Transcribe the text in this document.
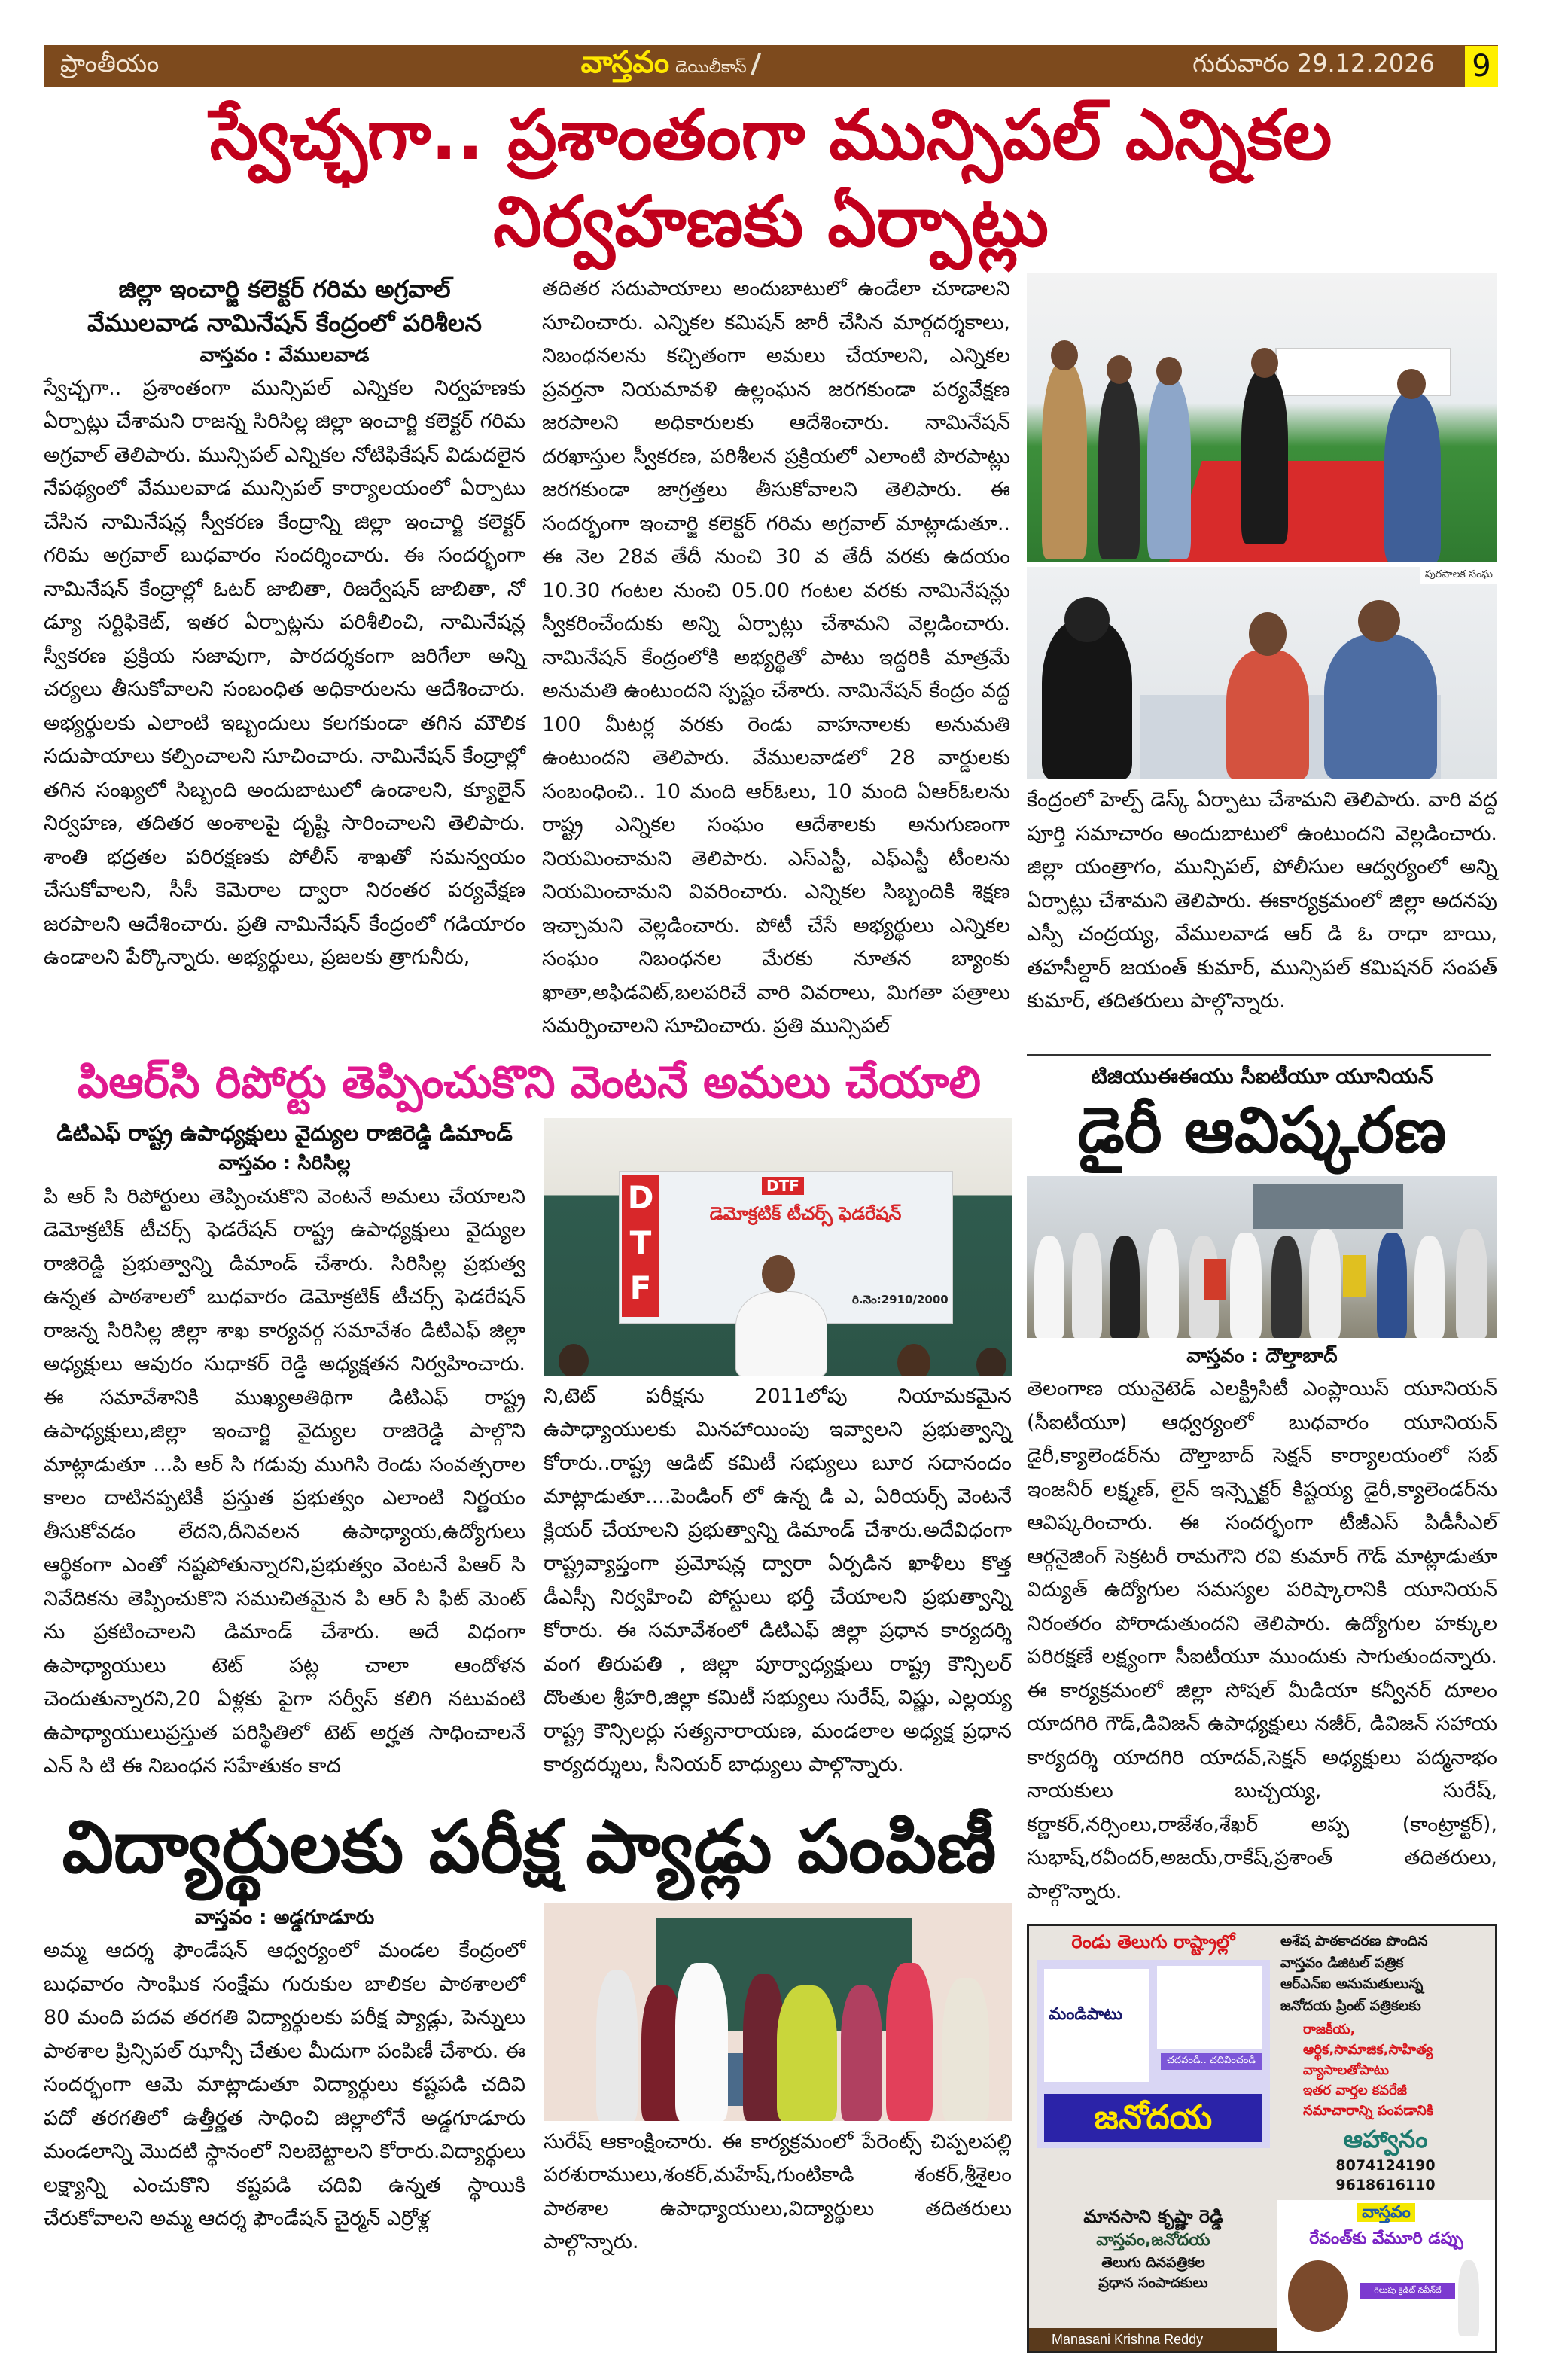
ప్రాంతీయం	వాస్తవం డెయిలీకాస్	గురువారం 29.12.2026	9
స్వేచ్ఛగా.. ప్రశాంతంగా మున్సిపల్ ఎన్నికల నిర్వహణకు ఏర్పాట్లు
జిల్లా ఇంచార్జి కలెక్టర్ గరిమ అగ్రవాల్
వేములవాడ నామినేషన్ కేంద్రంలో పరిశీలన
వాస్తవం : వేములవాడ
స్వేచ్ఛగా.. ప్రశాంతంగా మున్సిపల్ ఎన్నికల నిర్వహణకు ఏర్పాట్లు చేశామని రాజన్న సిరిసిల్ల జిల్లా ఇంచార్జి కలెక్టర్ గరిమ అగ్రవాల్ తెలిపారు. మున్సిపల్ ఎన్నికల నోటిఫికేషన్ విడుదలైన నేపథ్యంలో వేములవాడ మున్సిపల్ కార్యాలయంలో ఏర్పాటు చేసిన నామినేషన్ల స్వీకరణ కేంద్రాన్ని జిల్లా ఇంచార్జి కలెక్టర్ గరిమ అగ్రవాల్ బుధవారం సందర్శించారు. ఈ సందర్భంగా నామినేషన్ కేంద్రాల్లో ఓటర్ జాబితా, రిజర్వేషన్ జాబితా, నో డ్యూ సర్టిఫికెట్, ఇతర ఏర్పాట్లను పరిశీలించి, నామినేషన్ల స్వీకరణ ప్రక్రియ సజావుగా, పారదర్శకంగా జరిగేలా అన్ని చర్యలు తీసుకోవాలని సంబంధిత అధికారులను ఆదేశించారు. అభ్యర్థులకు ఎలాంటి ఇబ్బందులు కలగకుండా తగిన మౌలిక సదుపాయాలు కల్పించాలని సూచించారు. నామినేషన్ కేంద్రాల్లో తగిన సంఖ్యలో సిబ్బంది అందుబాటులో ఉండాలని, క్యూలైన్ నిర్వహణ, తదితర అంశాలపై దృష్టి సారించాలని తెలిపారు. శాంతి భద్రతల పరిరక్షణకు పోలీస్ శాఖతో సమన్వయం చేసుకోవాలని, సీసీ కెమెరాల ద్వారా నిరంతర పర్యవేక్షణ జరపాలని ఆదేశించారు. ప్రతి నామినేషన్ కేంద్రంలో గడియారం ఉండాలని పేర్కొన్నారు. అభ్యర్థులు, ప్రజలకు త్రాగునీరు,
తదితర సదుపాయాలు అందుబాటులో ఉండేలా చూడాలని సూచించారు. ఎన్నికల కమిషన్ జారీ చేసిన మార్గదర్శకాలు, నిబంధనలను కచ్చితంగా అమలు చేయాలని, ఎన్నికల ప్రవర్తనా నియమావళి ఉల్లంఘన జరగకుండా పర్యవేక్షణ జరపాలని అధికారులకు ఆదేశించారు. నామినేషన్ దరఖాస్తుల స్వీకరణ, పరిశీలన ప్రక్రియలో ఎలాంటి పొరపాట్లు జరగకుండా జాగ్రత్తలు తీసుకోవాలని తెలిపారు. ఈ సందర్భంగా ఇంచార్జి కలెక్టర్ గరిమ అగ్రవాల్ మాట్లాడుతూ.. ఈ నెల 28వ తేదీ నుంచి 30 వ తేదీ వరకు ఉదయం 10.30 గంటల నుంచి 05.00 గంటల వరకు నామినేషన్లు స్వీకరించేందుకు అన్ని ఏర్పాట్లు చేశామని వెల్లడించారు. నామినేషన్ కేంద్రంలోకి అభ్యర్థితో పాటు ఇద్దరికి మాత్రమే అనుమతి ఉంటుందని స్పష్టం చేశారు. నామినేషన్ కేంద్రం వద్ద 100 మీటర్ల వరకు రెండు వాహనాలకు అనుమతి ఉంటుందని తెలిపారు. వేములవాడలో 28 వార్డులకు సంబంధించి.. 10 మంది ఆర్‌ఓలు, 10 మంది ఏఆర్‌ఓలను రాష్ట్ర ఎన్నికల సంఘం ఆదేశాలకు అనుగుణంగా నియమించామని తెలిపారు. ఎస్ఎస్టీ, ఎఫ్ఎస్టీ టీంలను నియమించామని వివరించారు. ఎన్నికల సిబ్బందికి శిక్షణ ఇచ్చామని వెల్లడించారు. పోటీ చేసే అభ్యర్థులు ఎన్నికల సంఘం నిబంధనల మేరకు నూతన బ్యాంకు ఖాతా,అఫిడవిట్,బలపరిచే వారి వివరాలు, మిగతా పత్రాలు సమర్పించాలని సూచించారు. ప్రతి మున్సిపల్
పురపాలక సంఘ
కేంద్రంలో హెల్ప్ డెస్క్ ఏర్పాటు చేశామని తెలిపారు. వారి వద్ద పూర్తి సమాచారం అందుబాటులో ఉంటుందని వెల్లడించారు. జిల్లా యంత్రాగం, మున్సిపల్, పోలీసుల ఆద్వర్యంలో అన్ని ఏర్పాట్లు చేశామని తెలిపారు. ఈకార్యక్రమంలో జిల్లా అదనపు ఎస్పీ చంద్రయ్య, వేములవాడ ఆర్ డి ఓ రాధా బాయి, తహసీల్దార్ జయంత్ కుమార్, మున్సిపల్ కమిషనర్ సంపత్ కుమార్, తదితరులు పాల్గొన్నారు.
పిఆర్‌సి రిపోర్టు తెప్పించుకొని వెంటనే అమలు చేయాలి
డిటిఎఫ్ రాష్ట్ర ఉపాధ్యక్షులు వైద్యుల రాజిరెడ్డి డిమాండ్
వాస్తవం : సిరిసిల్ల
పి ఆర్ సి రిపోర్టులు తెప్పించుకొని వెంటనే అమలు చేయాలని డెమోక్రటిక్ టీచర్స్ ఫెడరేషన్ రాష్ట్ర ఉపాధ్యక్షులు వైద్యుల రాజిరెడ్డి ప్రభుత్వాన్ని డిమాండ్ చేశారు. సిరిసిల్ల ప్రభుత్వ ఉన్నత పాఠశాలలో బుధవారం డెమోక్రటిక్ టీచర్స్ ఫెడరేషన్ రాజన్న సిరిసిల్ల జిల్లా శాఖ కార్యవర్గ సమావేశం డిటిఎఫ్ జిల్లా అధ్యక్షులు ఆవురం సుధాకర్ రెడ్డి అధ్యక్షతన నిర్వహించారు. ఈ సమావేశానికి ముఖ్యఅతిథిగా డిటిఎఫ్ రాష్ట్ర ఉపాధ్యక్షులు,జిల్లా ఇంచార్జి వైద్యుల రాజిరెడ్డి పాల్గొని మాట్లాడుతూ ...పి ఆర్ సి గడువు ముగిసి రెండు సంవత్సరాల కాలం దాటినప్పటికీ ప్రస్తుత ప్రభుత్వం ఎలాంటి నిర్ణయం తీసుకోవడం లేదని,దీనివలన ఉపాధ్యాయ,ఉద్యోగులు ఆర్థికంగా ఎంతో నష్టపోతున్నారని,ప్రభుత్వం వెంటనే పిఆర్ సి నివేదికను తెప్పించుకొని సముచితమైన పి ఆర్ సి ఫిట్ మెంట్ ను ప్రకటించాలని డిమాండ్ చేశారు. అదే విధంగా ఉపాధ్యాయులు టెట్ పట్ల చాలా ఆందోళన చెందుతున్నారని,20 ఏళ్లకు పైగా సర్వీస్ కలిగి నటువంటి ఉపాధ్యాయులుప్రస్తుత పరిస్థితిలో టెట్ అర్హత సాధించాలనే ఎన్ సి టి ఈ నిబంధన సహేతుకం కాద
DTF
DTF
డెమోక్రటిక్ టీచర్స్ ఫెడరేషన్
రి.నెం:2910/2000
ని,టెట్ పరీక్షను 2011లోపు నియామకమైన ఉపాధ్యాయులకు మినహాయింపు ఇవ్వాలని ప్రభుత్వాన్ని కోరారు..రాష్ట్ర ఆడిట్ కమిటీ సభ్యులు బూర సదానందం మాట్లాడుతూ....పెండింగ్ లో ఉన్న డి ఎ, ఏరియర్స్ వెంటనే క్లియర్ చేయాలని ప్రభుత్వాన్ని డిమాండ్ చేశారు.అదేవిధంగా రాష్ట్రవ్యాప్తంగా ప్రమోషన్ల ద్వారా ఏర్పడిన ఖాళీలు కొత్త డీఎస్సీ నిర్వహించి పోస్టులు భర్తీ చేయాలని ప్రభుత్వాన్ని కోరారు. ఈ సమావేశంలో డిటిఎఫ్ జిల్లా ప్రధాన కార్యదర్శి వంగ తిరుపతి , జిల్లా పూర్వాధ్యక్షులు రాష్ట్ర కౌన్సిలర్ దొంతుల శ్రీహరి,జిల్లా కమిటీ సభ్యులు సురేష్, విష్ణు, ఎల్లయ్య రాష్ట్ర కౌన్సిలర్లు సత్యనారాయణ, మండలాల అధ్యక్ష ప్రధాన కార్యదర్శులు, సీనియర్ బాధ్యులు పాల్గొన్నారు.
విద్యార్థులకు పరీక్ష ప్యాడ్లు పంపిణీ
వాస్తవం : అడ్డగూడూరు
అమ్మ ఆదర్శ ఫౌండేషన్ ఆధ్వర్యంలో మండల కేంద్రంలో బుధవారం సాంఘిక సంక్షేమ గురుకుల బాలికల పాఠశాలలో 80 మంది పదవ తరగతి విద్యార్థులకు పరీక్ష ప్యాడ్లు, పెన్నులు పాఠశాల ప్రిన్సిపల్ ఝాన్సీ చేతుల మీదుగా పంపిణీ చేశారు. ఈ సందర్భంగా ఆమె మాట్లాడుతూ విద్యార్థులు కష్టపడి చదివి పదో తరగతిలో ఉత్తీర్ణత సాధించి జిల్లాలోనే అడ్డగూడూరు మండలాన్ని మొదటి స్థానంలో నిలబెట్టాలని కోరారు.విద్యార్థులు లక్ష్యాన్ని ఎంచుకొని కష్టపడి చదివి ఉన్నత స్థాయికి చేరుకోవాలని అమ్మ ఆదర్శ ఫౌండేషన్ చైర్మన్ ఎర్రోళ్ల
సురేష్ ఆకాంక్షించారు. ఈ కార్యక్రమంలో పేరెంట్స్ చిప్పలపల్లి పరశురాములు,శంకర్,మహేష్,గుంటికాడి శంకర్,శ్రీశైలం పాఠశాల ఉపాధ్యాయులు,విద్యార్థులు తదితరులు పాల్గొన్నారు.
టిజియుఈఈయు సీఐటీయూ యూనియన్
డైరీ ఆవిష్కరణ
వాస్తవం : దౌల్తాబాద్
తెలంగాణ యునైటెడ్ ఎలక్ట్రిసిటీ ఎంప్లాయిస్ యూనియన్ (సీఐటీయూ) ఆధ్వర్యంలో బుధవారం యూనియన్ డైరీ,క్యాలెండర్‌ను దౌల్తాబాద్ సెక్షన్ కార్యాలయంలో సబ్ ఇంజనీర్ లక్ష్మణ్, లైన్ ఇన్స్పెక్టర్ కిష్టయ్య డైరీ,క్యాలెండర్‌ను ఆవిష్కరించారు. ఈ సందర్భంగా టీజీఎస్ పిడీసీఎల్ ఆర్గనైజింగ్ సెక్రటరీ రామగౌని రవి కుమార్ గౌడ్ మాట్లాడుతూ విద్యుత్ ఉద్యోగుల సమస్యల పరిష్కారానికి యూనియన్ నిరంతరం పోరాడుతుందని తెలిపారు. ఉద్యోగుల హక్కుల పరిరక్షణే లక్ష్యంగా సీఐటీయూ ముందుకు సాగుతుందన్నారు. ఈ కార్యక్రమంలో జిల్లా సోషల్ మీడియా కన్వీనర్ దూలం యాదగిరి గౌడ్,డివిజన్ ఉపాధ్యక్షులు నజీర్, డివిజన్ సహాయ కార్యదర్శి యాదగిరి యాదవ్,సెక్షన్ అధ్యక్షులు పద్మనాభం నాయకులు బుచ్చయ్య, సురేష్, కర్ణాకర్,నర్సింలు,రాజేశం,శేఖర్ అప్ప (కాంట్రాక్టర్), సుభాష్,రవీందర్,అజయ్,రాకేష్,ప్రశాంత్ తదితరులు, పాల్గొన్నారు.
రెండు తెలుగు రాష్ట్రాల్లో
మండిపాటు
చదవండి.. చదివించండి
జనోదయ
అశేష పాఠకాదరణ పొందిన
వాస్తవం డిజిటల్ పత్రిక
ఆర్ఎన్ఐ అనుమతులున్న
జనోదయ ప్రింట్ పత్రికలకు
రాజకీయ,
ఆర్థిక,సామాజిక,సాహిత్య
వ్యాసాలతోపాటు
ఇతర వార్తల కవరేజీ
సమాచారాన్ని పంపడానికి
ఆహ్వానం
8074124190
9618616110
మానసాని కృష్ణా రెడ్డి
వాస్తవం,జనోదయ
తెలుగు దినపత్రికల
ప్రధాన సంపాదకులు
Manasani Krishna Reddy
వాస్తవం
రేవంత్‌కు వేమూరి డప్పు
గెలుపు క్రెడిట్ నవీన్‌దే
